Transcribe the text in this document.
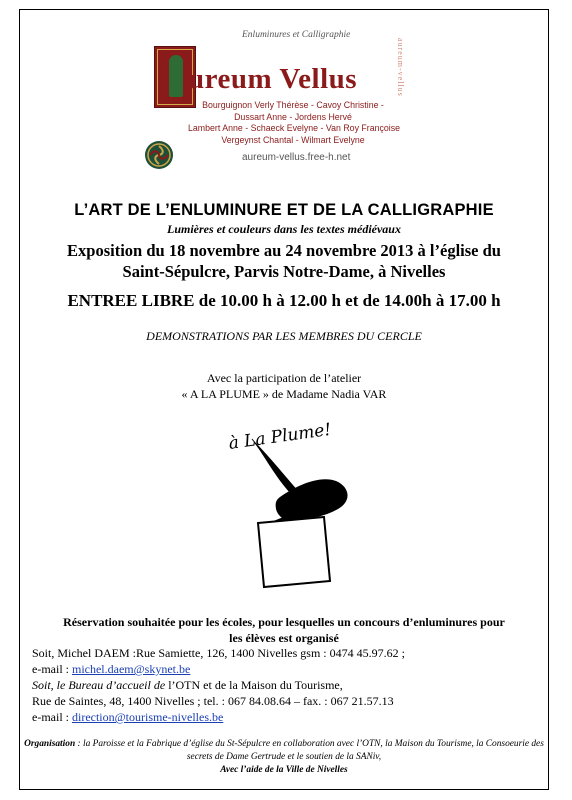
Enluminures et Calligraphie
ureum Vellus	aureum-vellus
Bourguignon Verly Thérèse - Cavoy Christine -
Dussart Anne - Jordens Hervé
Lambert Anne - Schaeck Evelyne - Van Roy Françoise
Vergeynst Chantal - Wilmart Evelyne
aureum-vellus.free-h.net
L’ART DE L’ENLUMINURE ET DE LA CALLIGRAPHIE
Lumières et couleurs dans les textes médiévaux
Exposition du 18 novembre au 24 novembre 2013 à l’église du
Saint-Sépulcre, Parvis Notre-Dame, à Nivelles
ENTREE LIBRE de 10.00 h à 12.00 h et de 14.00h à 17.00 h
DEMONSTRATIONS PAR LES MEMBRES DU CERCLE
Avec la participation de l’atelier
« A LA PLUME » de Madame Nadia VAR
à La Plume!
Réservation souhaitée pour les écoles, pour lesquelles un concours d’enluminures pour
les élèves est organisé
Soit, Michel DAEM :Rue Samiette, 126, 1400 Nivelles gsm : 0474 45.97.62 ;
e-mail : michel.daem@skynet.be
Soit, le Bureau d’accueil de l’OTN et de la Maison du Tourisme,
Rue de Saintes, 48, 1400 Nivelles ; tel. : 067 84.08.64 – fax. : 067 21.57.13
e-mail : direction@tourisme-nivelles.be
Organisation : la Paroisse et la Fabrique d’église du St-Sépulcre en collaboration avec l’OTN, la Maison du Tourisme, la Consoeurie des secrets de Dame Gertrude et le soutien de la SANiv,
Avec l’aide de la Ville de Nivelles
